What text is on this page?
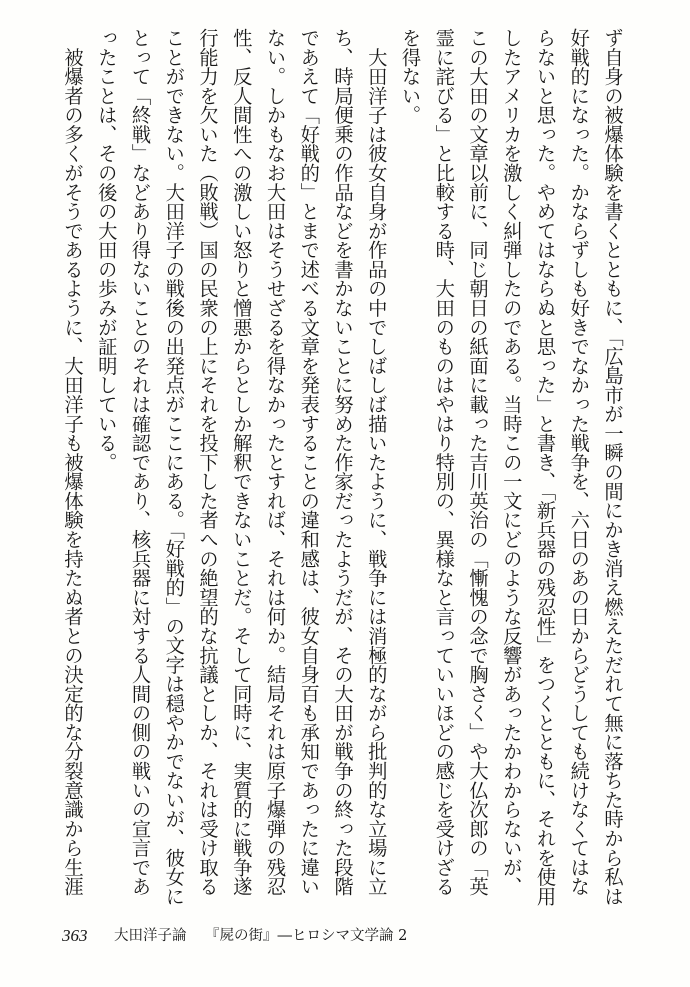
ず自身の被爆体験を書くとともに、「広島市が一瞬の間にかき消え燃えただれて無に落ちた時から私は
好戦的になった。かならずしも好きでなかった戦争を、六日のあの日からどうしても続けなくてはな
らないと思った。やめてはならぬと思った」と書き、「新兵器の残忍性」をつくとともに、それを使用
したアメリカを激しく糾弾したのである。当時この一文にどのような反響があったかわからないが、
この大田の文章以前に、同じ朝日の紙面に載った吉川英治の「慚愧の念で胸さく」や大仏次郎の「英
霊に詫びる」と比較する時、大田のものはやはり特別の、異様なと言っていいほどの感じを受けざる
を得ない。
　大田洋子は彼女自身が作品の中でしばしば描いたように、戦争には消極的ながら批判的な立場に立
ち、時局便乗の作品などを書かないことに努めた作家だったようだが、その大田が戦争の終った段階
であえて「好戦的」とまで述べる文章を発表することの違和感は、彼女自身百も承知であったに違い
ない。しかもなお大田はそうせざるを得なかったとすれば、それは何か。結局それは原子爆弾の残忍
性、反人間性への激しい怒りと憎悪からとしか解釈できないことだ。そして同時に、実質的に戦争遂
行能力を欠いた（敗戦）国の民衆の上にそれを投下した者への絶望的な抗議としか、それは受け取る
ことができない。大田洋子の戦後の出発点がここにある。「好戦的」の文字は穏やかでないが、彼女に
とって「終戦」などあり得ないことのそれは確認であり、核兵器に対する人間の側の戦いの宣言であ
ったことは、その後の大田の歩みが証明している。
　被爆者の多くがそうであるように、大田洋子も被爆体験を持たぬ者との決定的な分裂意識から生涯
363 大田洋子論 『屍の街』―ヒロシマ文学論 2
